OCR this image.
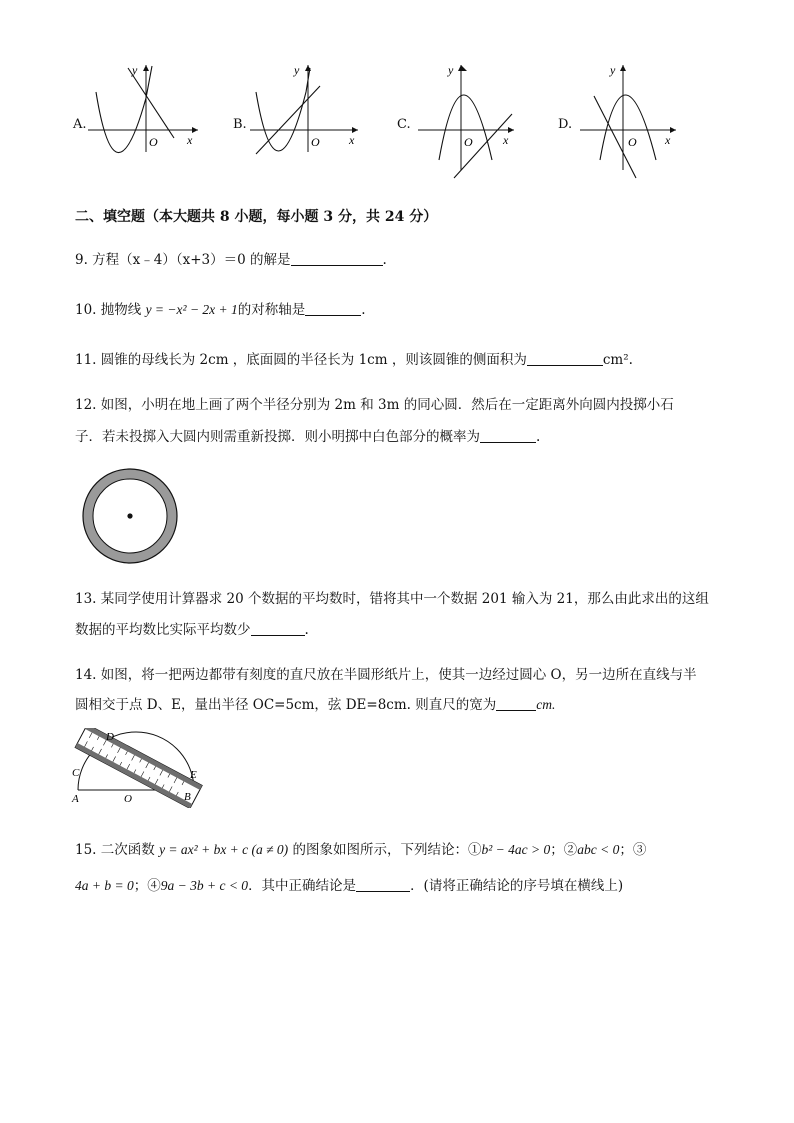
A.
y
O x
B.
y
O x
C.
y
O	x
D.
y
O x
二、填空题（本大题共 8 小题，每小题 3 分，共 24 分）
9. 方程（x﹣4）（x+3）＝0 的解是	.
10. 抛物线 y = −x² − 2x + 1的对称轴是	.
11. 圆锥的母线长为 2cm ，底面圆的半径长为 1cm ，则该圆锥的侧面积为	cm².
12. 如图，小明在地上画了两个半径分别为 2m 和 3m 的同心圆．然后在一定距离外向圆内投掷小石
子．若未投掷入大圆内则需重新投掷．则小明掷中白色部分的概率为	.
13. 某同学使用计算器求 20 个数据的平均数时，错将其中一个数据 201 输入为 21，那么由此求出的这组
数据的平均数比实际平均数少	.
14. 如图，将一把两边都带有刻度的直尺放在半圆形纸片上，使其一边经过圆心 O，另一边所在直线与半
圆相交于点 D、E，量出半径 OC=5cm，弦 DE=8cm. 则直尺的宽为	cm.
D
C
A	O
E
B
15. 二次函数 y = ax² + bx + c (a ≠ 0) 的图象如图所示，下列结论：①b² − 4ac > 0；②abc < 0；③
4a + b = 0；④9a − 3b + c < 0．其中正确结论是	．(请将正确结论的序号填在横线上)
